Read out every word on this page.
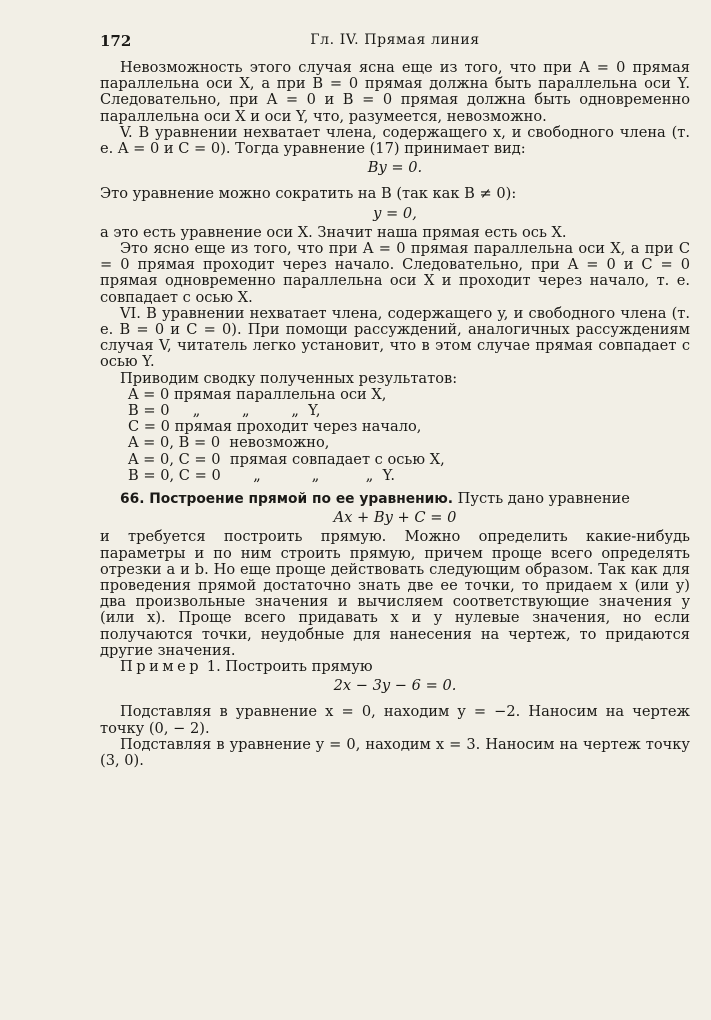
172	Гл. IV. Прямая линия

Невозможность этого случая ясна еще из того, что при A = 0 прямая параллельна оси X, а при B = 0 прямая должна быть параллельна оси Y. Следовательно, при A = 0 и B = 0 прямая должна быть одновременно параллельна оси X и оси Y, что, разумеется, невозможно.

V. В уравнении нехватает члена, содержащего x, и свободного члена (т. е. A = 0 и C = 0). Тогда уравнение (17) принимает вид:

By = 0.

Это уравнение можно сократить на B (так как B ≠ 0):

y = 0,

а это есть уравнение оси X. Значит наша прямая есть ось X.

Это ясно еще из того, что при A = 0 прямая параллельна оси X, а при C = 0 прямая проходит через начало. Следовательно, при A = 0 и C = 0 прямая одновременно параллельна оси X и проходит через начало, т. е. совпадает с осью X.

VI. В уравнении нехватает члена, содержащего y, и свободного члена (т. е. B = 0 и C = 0). При помощи рассуждений, аналогичных рассуждениям случая V, читатель легко установит, что в этом случае прямая совпадает с осью Y.

Приводим сводку полученных результатов:

A = 0 прямая параллельна оси X,
B = 0     „         „         „  Y,
C = 0 прямая проходит через начало,
A = 0, B = 0  невозможно,
A = 0, C = 0  прямая совпадает с осью X,
B = 0, C = 0       „           „          „  Y.

66. Построение прямой по ее уравнению. Пусть дано уравнение

Ax + By + C = 0

и требуется построить прямую. Можно определить какие-нибудь параметры и по ним строить прямую, причем проще всего определять отрезки a и b. Но еще проще действовать следующим образом. Так как для проведения прямой достаточно знать две ее точки, то придаем x (или y) два произвольные значения и вычисляем соответствующие значения y (или x). Проще всего придавать x и y нулевые значения, но если получаются точки, неудобные для нанесения на чертеж, то придаются другие значения.

Пример 1. Построить прямую

2x − 3y − 6 = 0.

Подставляя в уравнение x = 0, находим y = −2. Наносим на чертеж точку (0, − 2).

Подставляя в уравнение y = 0, находим x = 3. Наносим на чертеж точку (3, 0).
